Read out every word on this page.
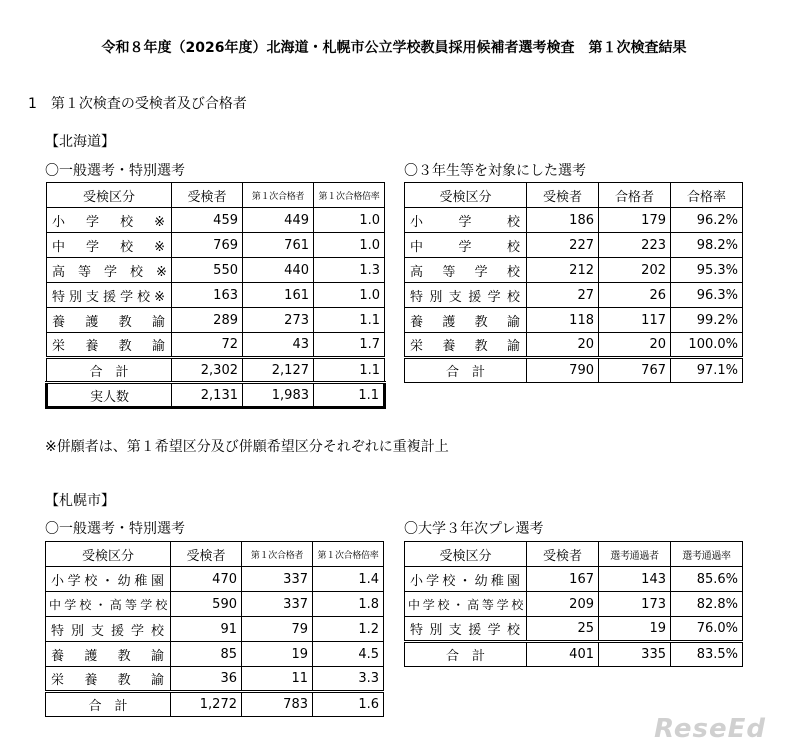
令和８年度（2026年度）北海道・札幌市公立学校教員採用候補者選考検査　第１次検査結果
1　第１次検査の受検者及び合格者
【北海道】
〇一般選考・特別選考	〇３年生等を対象にした選考
受検区分	受検者	第１次合格者	第１次合格倍率
小　学　校　※	459	449	1.0
中　学　校　※	769	761	1.0
高　等　学　校　※	550	440	1.3
特別支援学校※	163	161	1.0
養　護　教　諭	289	273	1.1
栄　養　教　諭	72	43	1.7
合　計	2,302	2,127	1.1
実人数	2,131	1,983	1.1
受検区分	受検者	合格者	合格率
小　　学　　校	186	179	96.2%
中　　学　　校	227	223	98.2%
高　等　学　校	212	202	95.3%
特別支援学校	27	26	96.3%
養　護　教　諭	118	117	99.2%
栄　養　教　諭	20	20	100.0%
合　計	790	767	97.1%
※併願者は、第１希望区分及び併願希望区分それぞれに重複計上
【札幌市】
〇一般選考・特別選考	〇大学３年次プレ選考
受検区分	受検者	第１次合格者	第１次合格倍率
小学校・幼稚園	470	337	1.4
中学校・高等学校	590	337	1.8
特別支援学校	91	79	1.2
養　護　教　諭	85	19	4.5
栄　養　教　諭	36	11	3.3
合　計	1,272	783	1.6
受検区分	受検者	選考通過者	選考通過率
小学校・幼稚園	167	143	85.6%
中学校・高等学校	209	173	82.8%
特別支援学校	25	19	76.0%
合　計	401	335	83.5%
ReseEd
